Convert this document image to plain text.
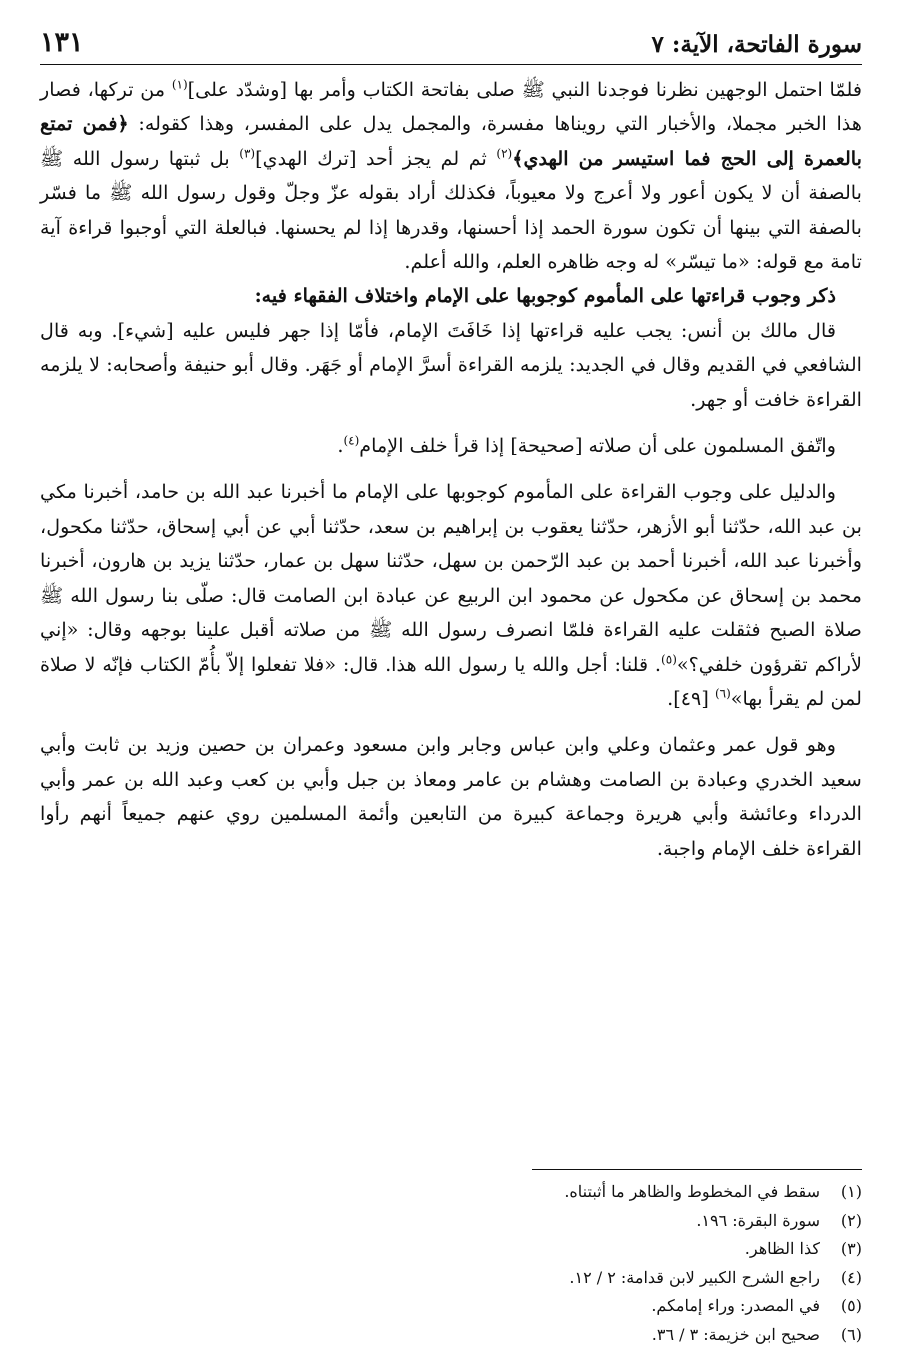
سورة الفاتحة، الآية: ٧
١٣١

فلمّا احتمل الوجهين نظرنا فوجدنا النبي ﷺ صلى بفاتحة الكتاب وأمر بها [وشدّد على]$^{(١)}$ من تركها، فصار هذا الخبر مجملا، والأخبار التي رويناها مفسرة، والمجمل يدل على المفسر، وهذا كقوله: ﴿فمن تمتع بالعمرة إلى الحج فما استيسر من الهدي﴾$^{(٢)}$ ثم لم يجز أحد [ترك الهدي]$^{(٣)}$ بل ثبتها رسول الله ﷺ بالصفة أن لا يكون أعور ولا أعرج ولا معيوباً، فكذلك أراد بقوله عزّ وجلّ وقول رسول الله ﷺ ما فسّر بالصفة التي بينها أن تكون سورة الحمد إذا أحسنها، وقدرها إذا لم يحسنها. فبالعلة التي أوجبوا قراءة آية تامة مع قوله: «ما تيسّر» له وجه ظاهره العلم، والله أعلم.

ذكر وجوب قراءتها على المأموم كوجوبها على الإمام واختلاف الفقهاء فيه:

قال مالك بن أنس: يجب عليه قراءتها إذا خَافَتَ الإمام، فأمّا إذا جهر فليس عليه [شيء]. وبه قال الشافعي في القديم وقال في الجديد: يلزمه القراءة أسرَّ الإمام أو جَهَر. وقال أبو حنيفة وأصحابه: لا يلزمه القراءة خافت أو جهر.

واتّفق المسلمون على أن صلاته [صحيحة] إذا قرأ خلف الإمام$^{(٤)}$.

والدليل على وجوب القراءة على المأموم كوجوبها على الإمام ما أخبرنا عبد الله بن حامد، أخبرنا مكي بن عبد الله، حدّثنا أبو الأزهر، حدّثنا يعقوب بن إبراهيم بن سعد، حدّثنا أبي عن أبي إسحاق، حدّثنا مكحول، وأخبرنا عبد الله، أخبرنا أحمد بن عبد الرّحمن بن سهل، حدّثنا سهل بن عمار، حدّثنا يزيد بن هارون، أخبرنا محمد بن إسحاق عن مكحول عن محمود ابن الربيع عن عبادة ابن الصامت قال: صلّى بنا رسول الله ﷺ صلاة الصبح فثقلت عليه القراءة فلمّا انصرف رسول الله ﷺ من صلاته أقبل علينا بوجهه وقال: «إني لأراكم تقرؤون خلفي؟»$^{(٥)}$. قلنا: أجل والله يا رسول الله هذا. قال: «فلا تفعلوا إلاّ بأُمّ الكتاب فإنّه لا صلاة لمن لم يقرأ بها»$^{(٦)}$ [٤٩].

وهو قول عمر وعثمان وعلي وابن عباس وجابر وابن مسعود وعمران بن حصين وزيد بن ثابت وأبي سعيد الخدري وعبادة بن الصامت وهشام بن عامر ومعاذ بن جبل وأبي بن كعب وعبد الله بن عمر وأبي الدرداء وعائشة وأبي هريرة وجماعة كبيرة من التابعين وأئمة المسلمين روي عنهم جميعاً أنهم رأوا القراءة خلف الإمام واجبة.

(١)
سقط في المخطوط والظاهر ما أثبتناه.
(٢)
سورة البقرة: ١٩٦.
(٣)
كذا الظاهر.
(٤)
راجع الشرح الكبير لابن قدامة: ٢ / ١٢.
(٥)
في المصدر: وراء إمامكم.
(٦)
صحيح ابن خزيمة: ٣ / ٣٦.
